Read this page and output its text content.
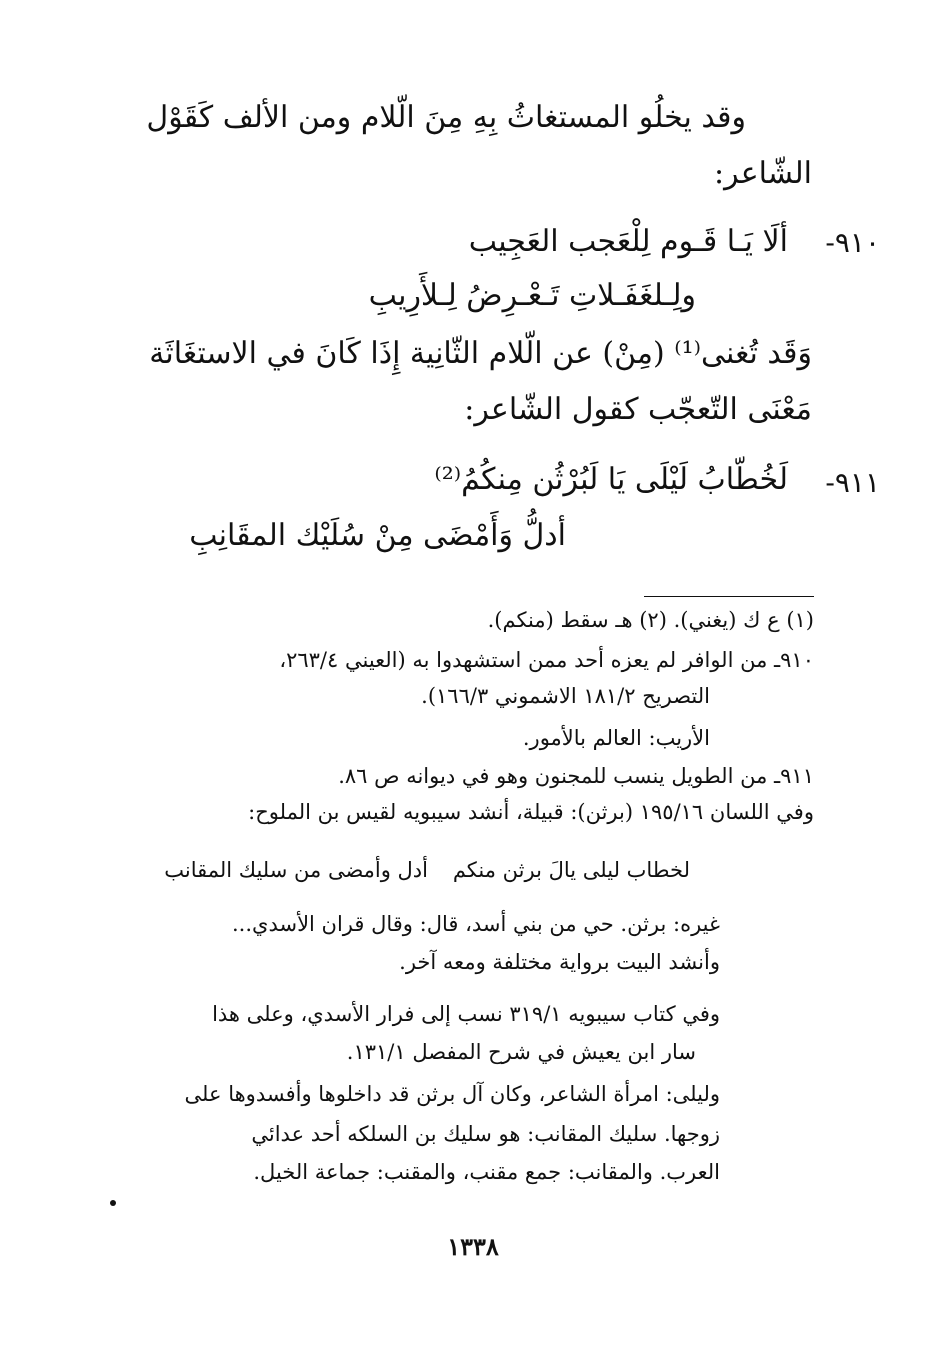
وقد يخلُو المستغاثُ بِهِ مِنَ الّلام ومن الألف كَقَوْل
الشّاعر:
٩١٠-
ألَا يَـا قَـوم لِلْعَجب العَجِيب
ولِـلغَفَـلاتِ تَـعْـرِضُ لِـلأَرِيبِ
وَقَد تُغنى⁽¹⁾ (مِنْ) عن الّلام الثّانِية إِذَا كَانَ في الاستغَاثَة
مَعْنَى التّعجّب كقول الشّاعر:
٩١١-
لَخُطّابُ لَيْلَى يَا لَبُرْثُن مِنكُمُ⁽²⁾
أدلُّ وَأَمْضَى مِنْ سُلَيْك المقَانِبِ
(١) ع ك (يغني). (٢) هـ سقط (منكم).
٩١٠ـ من الوافر لم يعزه أحد ممن استشهدوا به (العيني ٢٦٣/٤،
التصريح ١٨١/٢ الاشموني ١٦٦/٣).
الأريب: العالم بالأمور.
٩١١ـ من الطويل ينسب للمجنون وهو في ديوانه ص ٨٦.
وفي اللسان ١٩٥/١٦ (برثن): قبيلة، أنشد سيبويه لقيس بن الملوح:
لخطاب ليلى يالَ برثن منكم
أدل وأمضى من سليك المقانب
غيره: برثن. حي من بني أسد، قال: وقال قران الأسدي...
وأنشد البيت برواية مختلفة ومعه آخر.
وفي كتاب سيبويه ٣١٩/١ نسب إلى فرار الأسدي، وعلى هذا
سار ابن يعيش في شرح المفصل ١٣١/١.
وليلى: امرأة الشاعر، وكان آل برثن قد داخلوها وأفسدوها على
زوجها. سليك المقانب: هو سليك بن السلكه أحد عدائي
العرب. والمقانب: جمع مقنب، والمقنب: جماعة الخيل.
١٣٣٨
